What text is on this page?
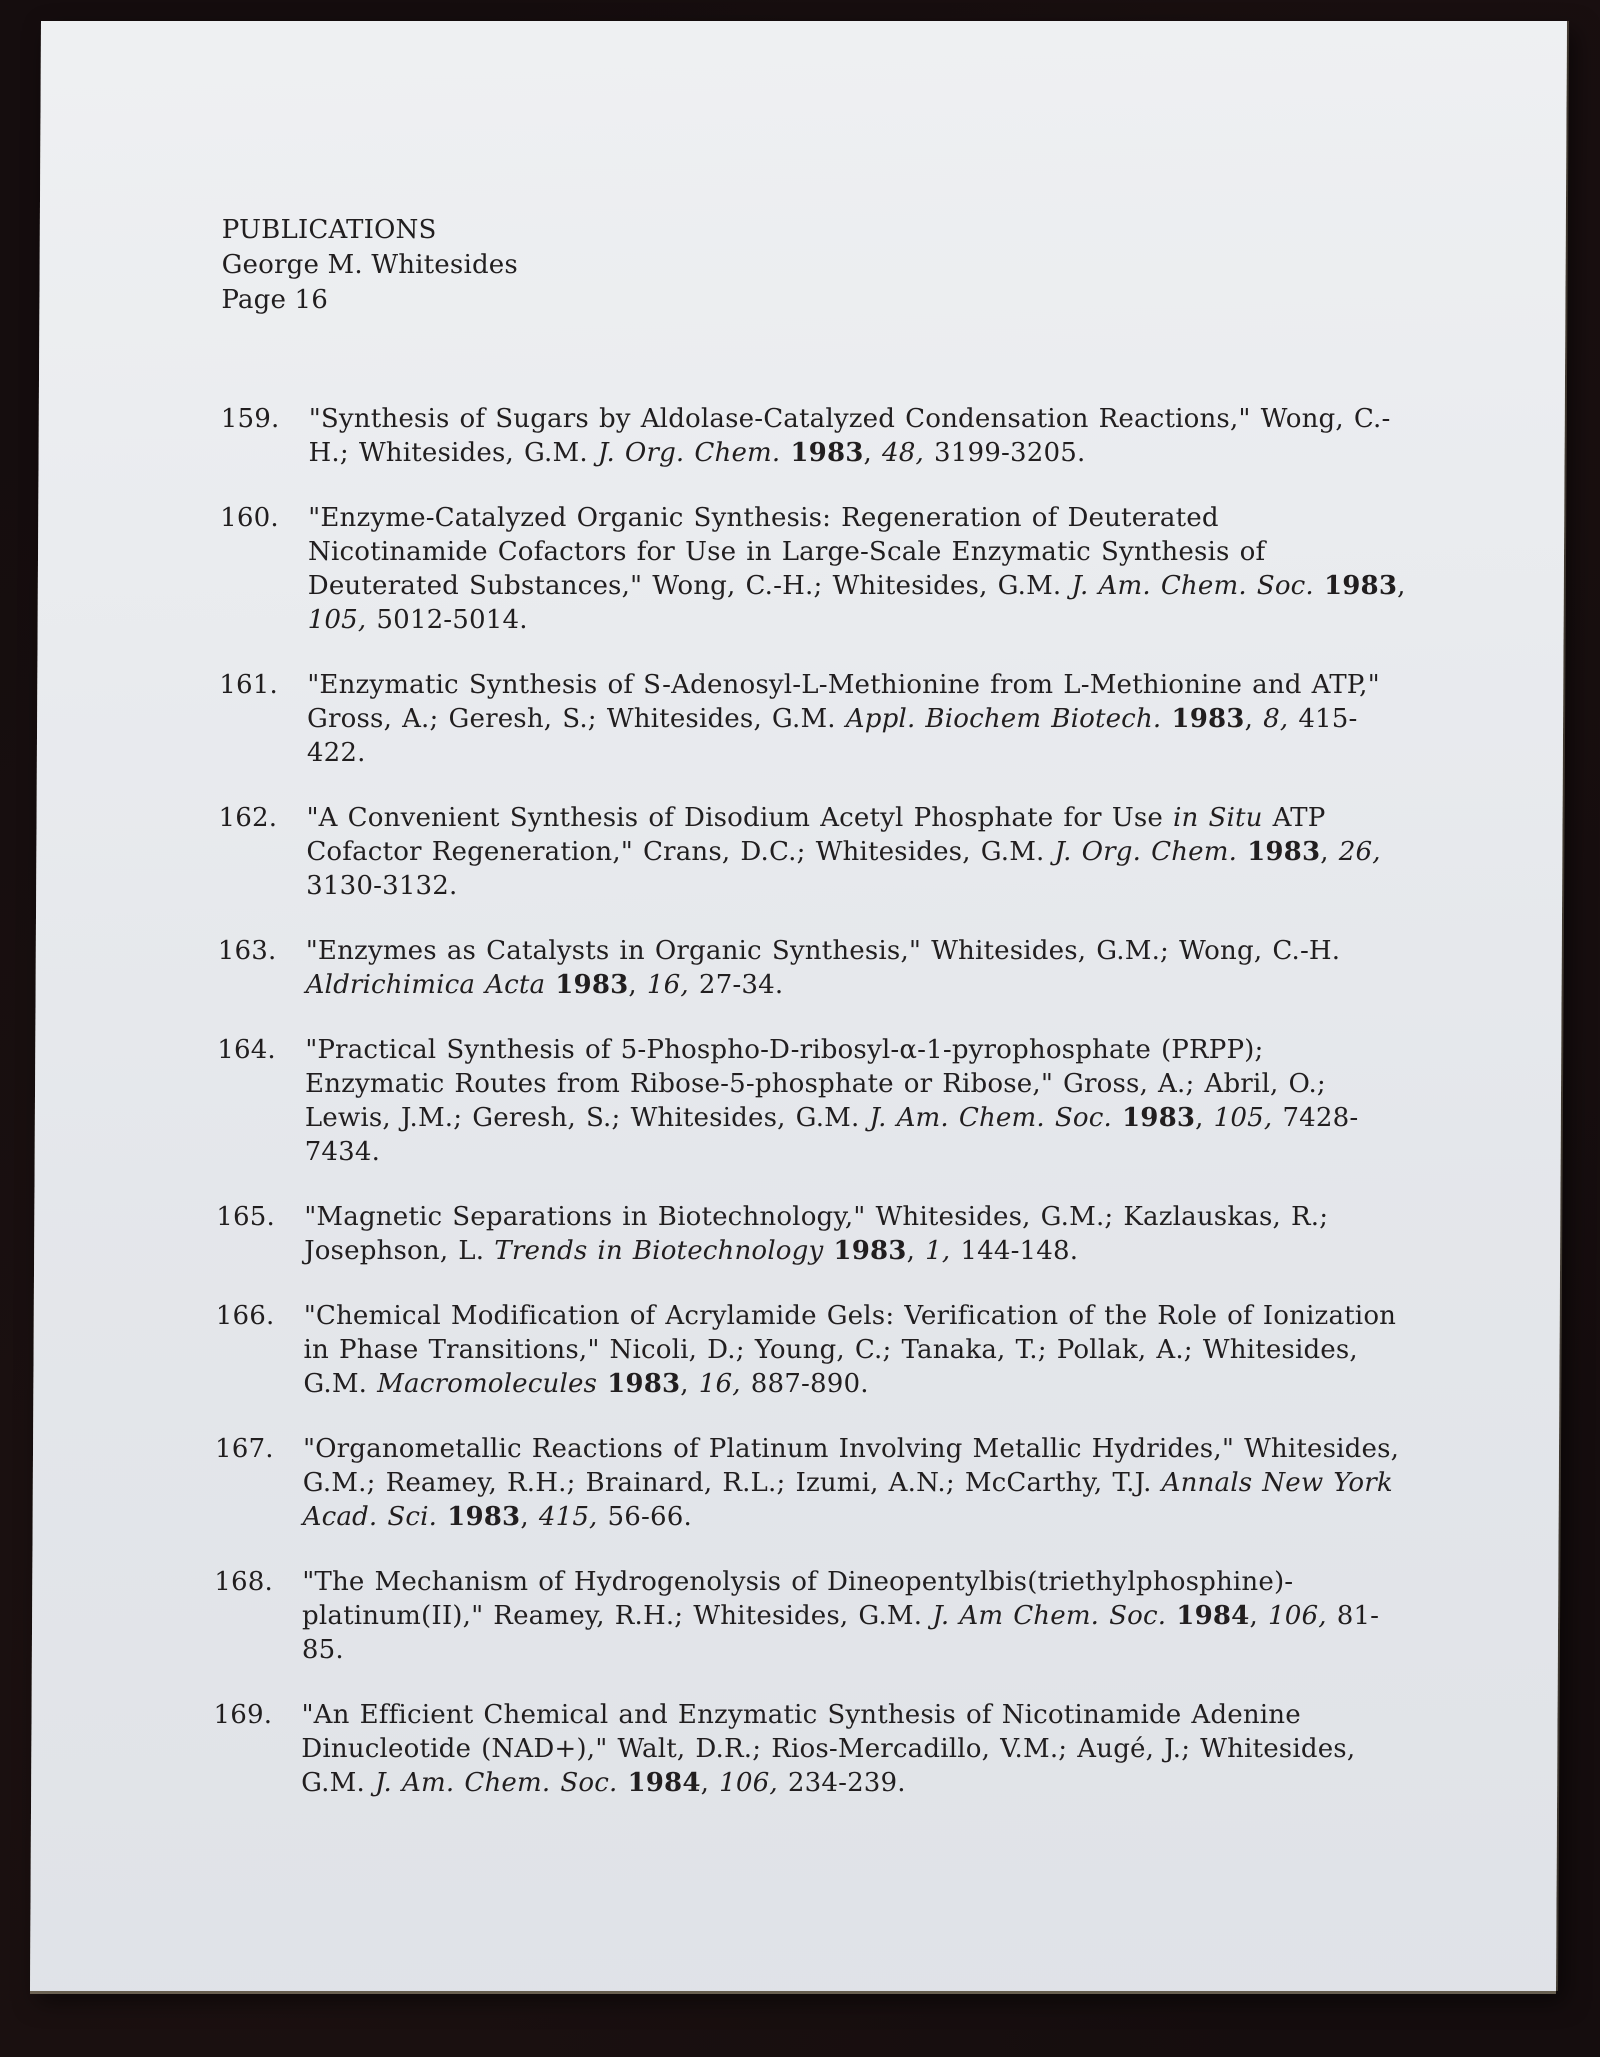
PUBLICATIONS
George M. Whitesides
Page 16
159.	"Synthesis of Sugars by Aldolase-Catalyzed Condensation Reactions," Wong, C.-H.; Whitesides, G.M. J. Org. Chem. 1983, 48, 3199-3205.
160.	"Enzyme-Catalyzed Organic Synthesis: Regeneration of Deuterated Nicotinamide Cofactors for Use in Large-Scale Enzymatic Synthesis of Deuterated Substances," Wong, C.-H.; Whitesides, G.M. J. Am. Chem. Soc. 1983, 105, 5012-5014.
161.	"Enzymatic Synthesis of S-Adenosyl-L-Methionine from L-Methionine and ATP," Gross, A.; Geresh, S.; Whitesides, G.M. Appl. Biochem Biotech. 1983, 8, 415-422.
162.	"A Convenient Synthesis of Disodium Acetyl Phosphate for Use in Situ ATP Cofactor Regeneration," Crans, D.C.; Whitesides, G.M. J. Org. Chem. 1983, 26, 3130-3132.
163.	"Enzymes as Catalysts in Organic Synthesis," Whitesides, G.M.; Wong, C.-H. Aldrichimica Acta 1983, 16, 27-34.
164.	"Practical Synthesis of 5-Phospho-D-ribosyl-α-1-pyrophosphate (PRPP); Enzymatic Routes from Ribose-5-phosphate or Ribose," Gross, A.; Abril, O.; Lewis, J.M.; Geresh, S.; Whitesides, G.M. J. Am. Chem. Soc. 1983, 105, 7428-7434.
165.	"Magnetic Separations in Biotechnology," Whitesides, G.M.; Kazlauskas, R.; Josephson, L. Trends in Biotechnology 1983, 1, 144-148.
166.	"Chemical Modification of Acrylamide Gels: Verification of the Role of Ionization in Phase Transitions," Nicoli, D.; Young, C.; Tanaka, T.; Pollak, A.; Whitesides, G.M. Macromolecules 1983, 16, 887-890.
167.	"Organometallic Reactions of Platinum Involving Metallic Hydrides," Whitesides, G.M.; Reamey, R.H.; Brainard, R.L.; Izumi, A.N.; McCarthy, T.J. Annals New York Acad. Sci. 1983, 415, 56-66.
168.	"The Mechanism of Hydrogenolysis of Dineopentylbis(triethylphosphine)-platinum(II)," Reamey, R.H.; Whitesides, G.M. J. Am Chem. Soc. 1984, 106, 81-85.
169.	"An Efficient Chemical and Enzymatic Synthesis of Nicotinamide Adenine Dinucleotide (NAD+)," Walt, D.R.; Rios-Mercadillo, V.M.; Augé, J.; Whitesides, G.M. J. Am. Chem. Soc. 1984, 106, 234-239.
